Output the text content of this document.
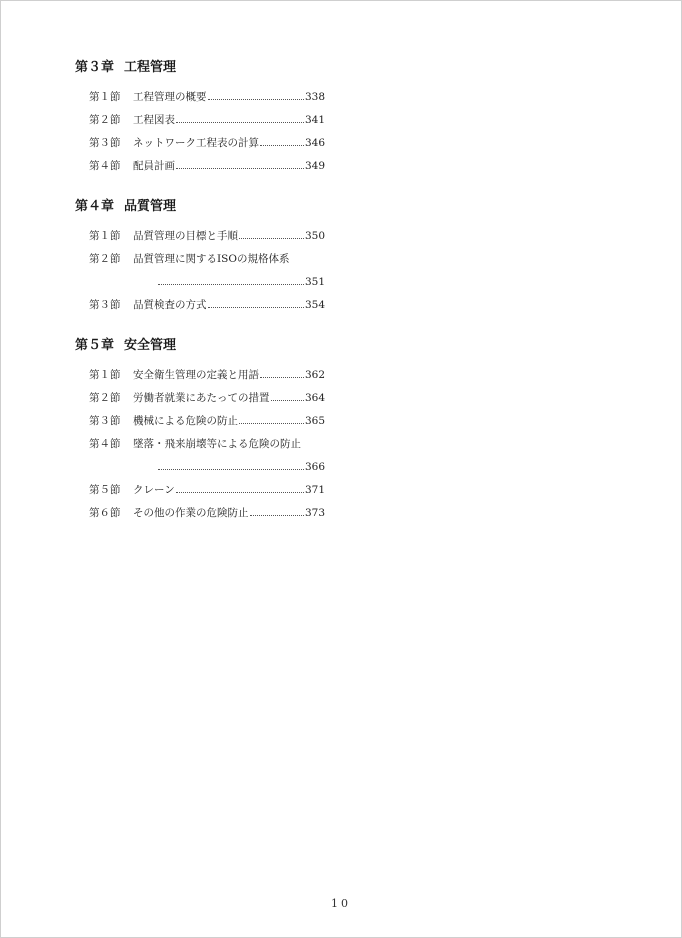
第３章 工程管理
第１節	工程管理の概要	338
第２節	工程図表	341
第３節	ネットワーク工程表の計算	346
第４節	配員計画	349
第４章 品質管理
第１節	品質管理の目標と手順	350
第２節	品質管理に関するISOの規格体系
351
第３節	品質検査の方式	354
第５章 安全管理
第１節	安全衛生管理の定義と用語	362
第２節	労働者就業にあたっての措置	364
第３節	機械による危険の防止	365
第４節	墜落・飛来崩壊等による危険の防止
366
第５節	クレーン	371
第６節	その他の作業の危険防止	373
10
